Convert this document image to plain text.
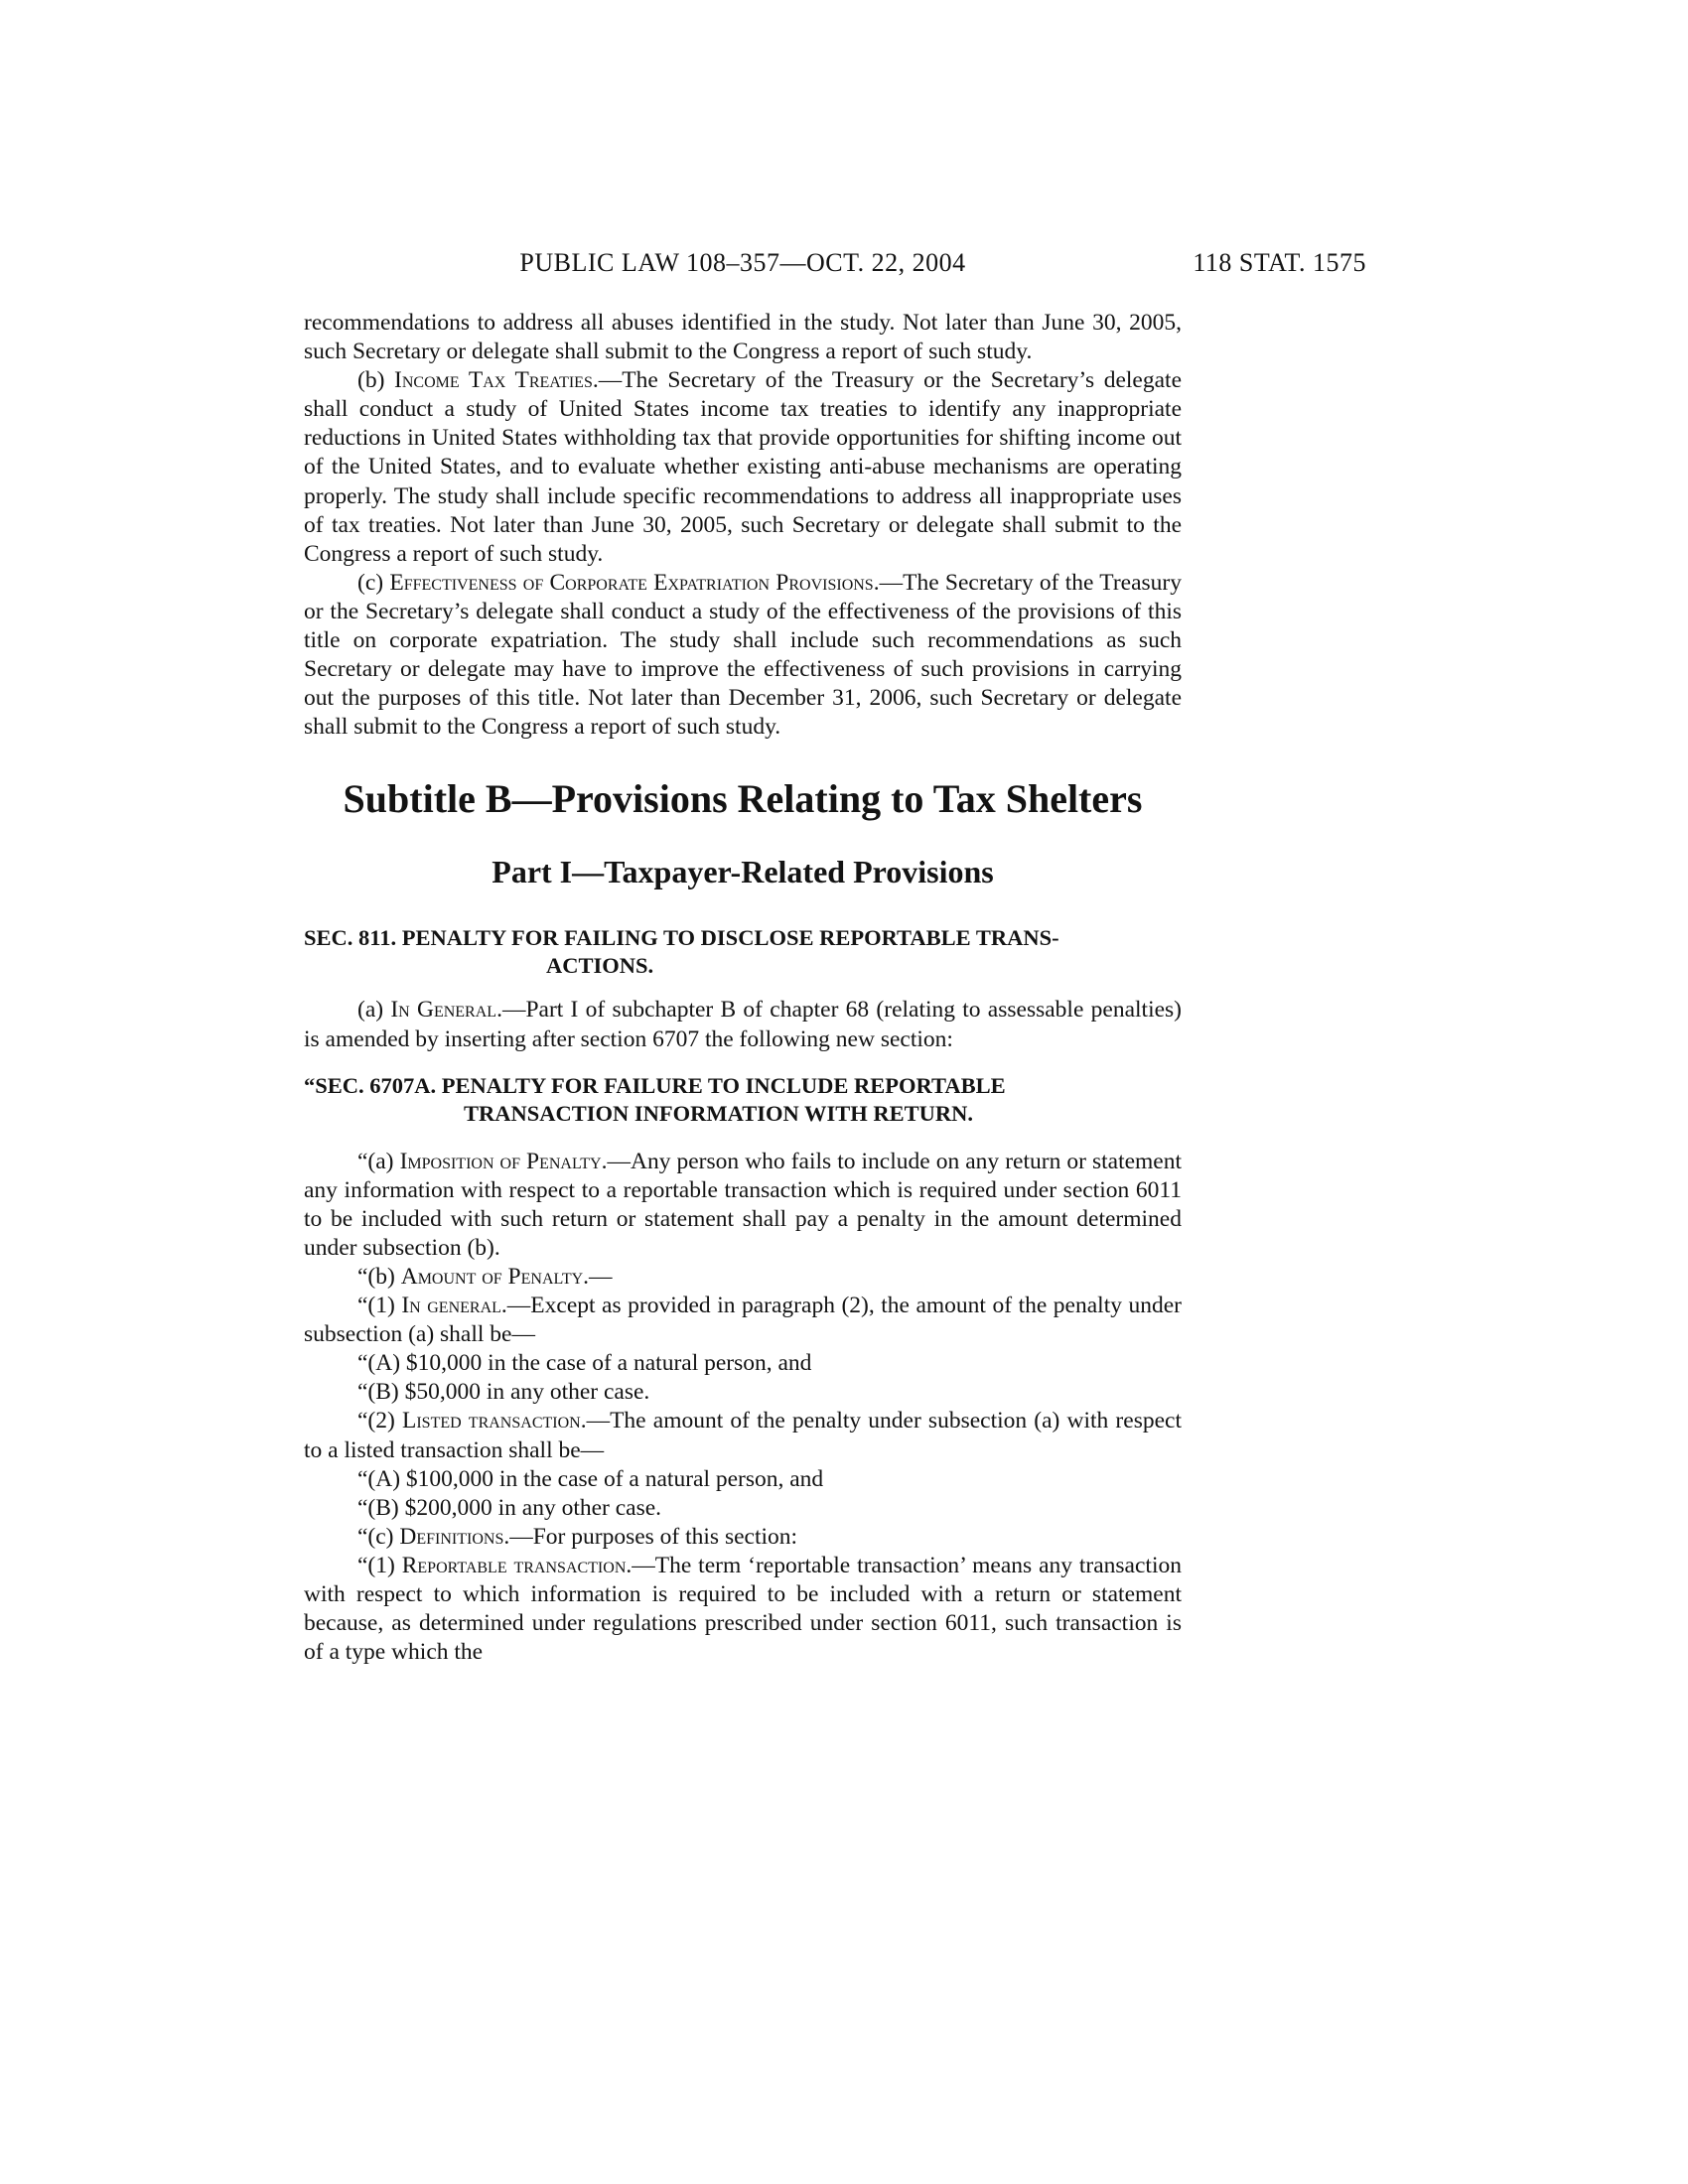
PUBLIC LAW 108–357—OCT. 22, 2004	118 STAT. 1575

recommendations to address all abuses identified in the study. Not later than June 30, 2005, such Secretary or delegate shall submit to the Congress a report of such study.

(b) Income Tax Treaties.—The Secretary of the Treasury or the Secretary’s delegate shall conduct a study of United States income tax treaties to identify any inappropriate reductions in United States withholding tax that provide opportunities for shifting income out of the United States, and to evaluate whether existing anti-abuse mechanisms are operating properly. The study shall include specific recommendations to address all inappropriate uses of tax treaties. Not later than June 30, 2005, such Secretary or delegate shall submit to the Congress a report of such study.

(c) Effectiveness of Corporate Expatriation Provisions.—The Secretary of the Treasury or the Secretary’s delegate shall conduct a study of the effectiveness of the provisions of this title on corporate expatriation. The study shall include such recommendations as such Secretary or delegate may have to improve the effectiveness of such provisions in carrying out the purposes of this title. Not later than December 31, 2006, such Secretary or delegate shall submit to the Congress a report of such study.

Subtitle B—Provisions Relating to Tax Shelters
Part I—Taxpayer-Related Provisions
SEC. 811. PENALTY FOR FAILING TO DISCLOSE REPORTABLE TRANS-
ACTIONS.

(a) In General.—Part I of subchapter B of chapter 68 (relating to assessable penalties) is amended by inserting after section 6707 the following new section:

“SEC. 6707A. PENALTY FOR FAILURE TO INCLUDE REPORTABLE
TRANSACTION INFORMATION WITH RETURN.

“(a) Imposition of Penalty.—Any person who fails to include on any return or statement any information with respect to a reportable transaction which is required under section 6011 to be included with such return or statement shall pay a penalty in the amount determined under subsection (b).

“(b) Amount of Penalty.—

“(1) In general.—Except as provided in paragraph (2), the amount of the penalty under subsection (a) shall be—

“(A) $10,000 in the case of a natural person, and

“(B) $50,000 in any other case.

“(2) Listed transaction.—The amount of the penalty under subsection (a) with respect to a listed transaction shall be—

“(A) $100,000 in the case of a natural person, and

“(B) $200,000 in any other case.

“(c) Definitions.—For purposes of this section:

“(1) Reportable transaction.—The term ‘reportable transaction’ means any transaction with respect to which information is required to be included with a return or statement because, as determined under regulations prescribed under section 6011, such transaction is of a type which the
